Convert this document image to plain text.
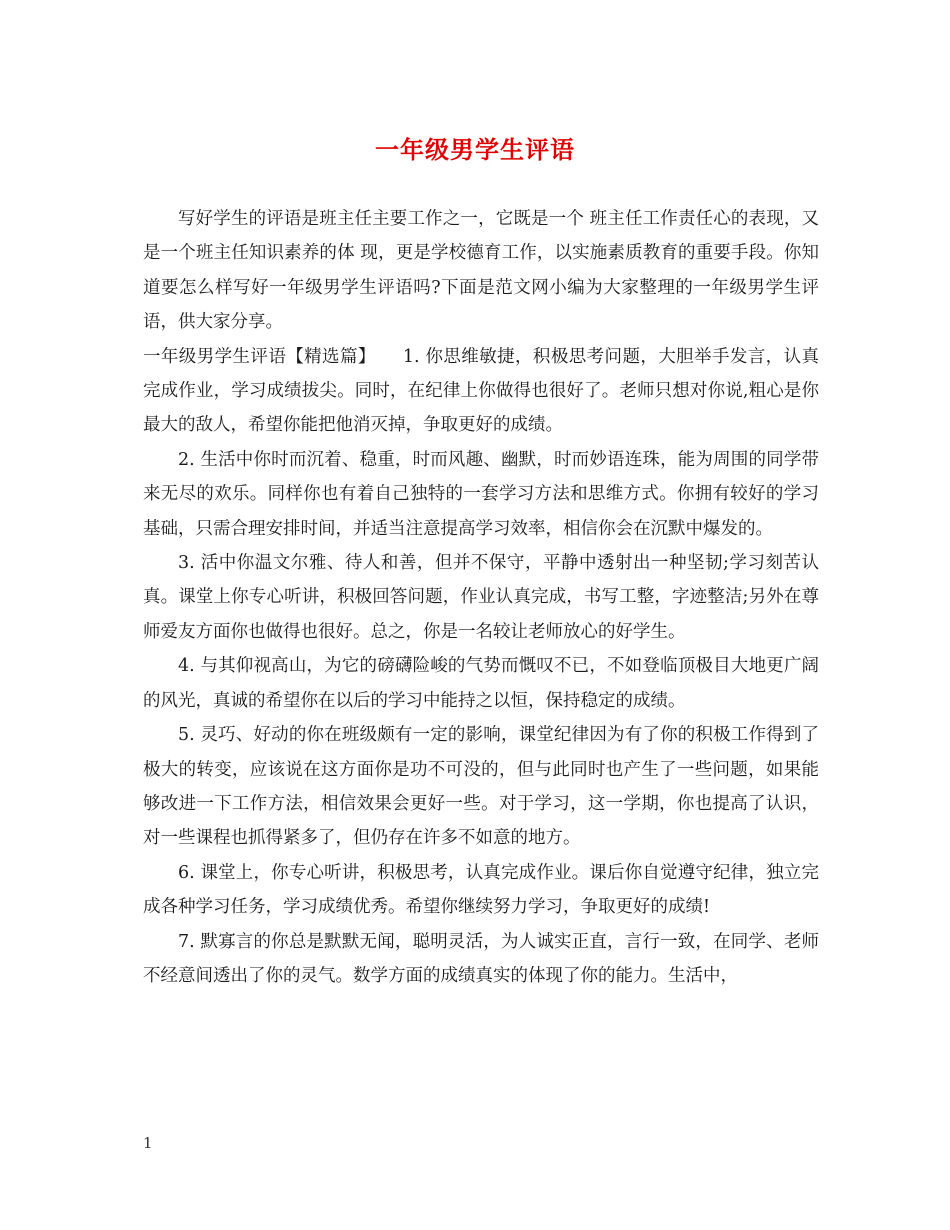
一年级男学生评语

写好学生的评语是班主任主要工作之一，它既是一个 班主任工作责任心的表现，又是一个班主任知识素养的体 现，更是学校德育工作，以实施素质教育的重要手段。你知道要怎么样写好一年级男学生评语吗?下面是范文网小编为大家整理的一年级男学生评语，供大家分享。

一年级男学生评语【精选篇】　　1. 你思维敏捷，积极思考问题，大胆举手发言，认真完成作业，学习成绩拔尖。同时，在纪律上你做得也很好了。老师只想对你说,粗心是你最大的敌人，希望你能把他消灭掉，争取更好的成绩。

2. 生活中你时而沉着、稳重，时而风趣、幽默，时而妙语连珠，能为周围的同学带来无尽的欢乐。同样你也有着自己独特的一套学习方法和思维方式。你拥有较好的学习基础，只需合理安排时间，并适当注意提高学习效率，相信你会在沉默中爆发的。

3. 活中你温文尔雅、待人和善，但并不保守，平静中透射出一种坚韧;学习刻苦认真。课堂上你专心听讲，积极回答问题，作业认真完成，书写工整，字迹整洁;另外在尊师爱友方面你也做得也很好。总之，你是一名较让老师放心的好学生。

4. 与其仰视高山，为它的磅礴险峻的气势而慨叹不已，不如登临顶极目大地更广阔的风光，真诚的希望你在以后的学习中能持之以恒，保持稳定的成绩。

5. 灵巧、好动的你在班级颇有一定的影响，课堂纪律因为有了你的积极工作得到了极大的转变，应该说在这方面你是功不可没的，但与此同时也产生了一些问题，如果能够改进一下工作方法，相信效果会更好一些。对于学习，这一学期，你也提高了认识，对一些课程也抓得紧多了，但仍存在许多不如意的地方。

6. 课堂上，你专心听讲，积极思考，认真完成作业。课后你自觉遵守纪律，独立完成各种学习任务，学习成绩优秀。希望你继续努力学习，争取更好的成绩!

7. 默寡言的你总是默默无闻，聪明灵活，为人诚实正直，言行一致，在同学、老师不经意间透出了你的灵气。数学方面的成绩真实的体现了你的能力。生活中，

1
